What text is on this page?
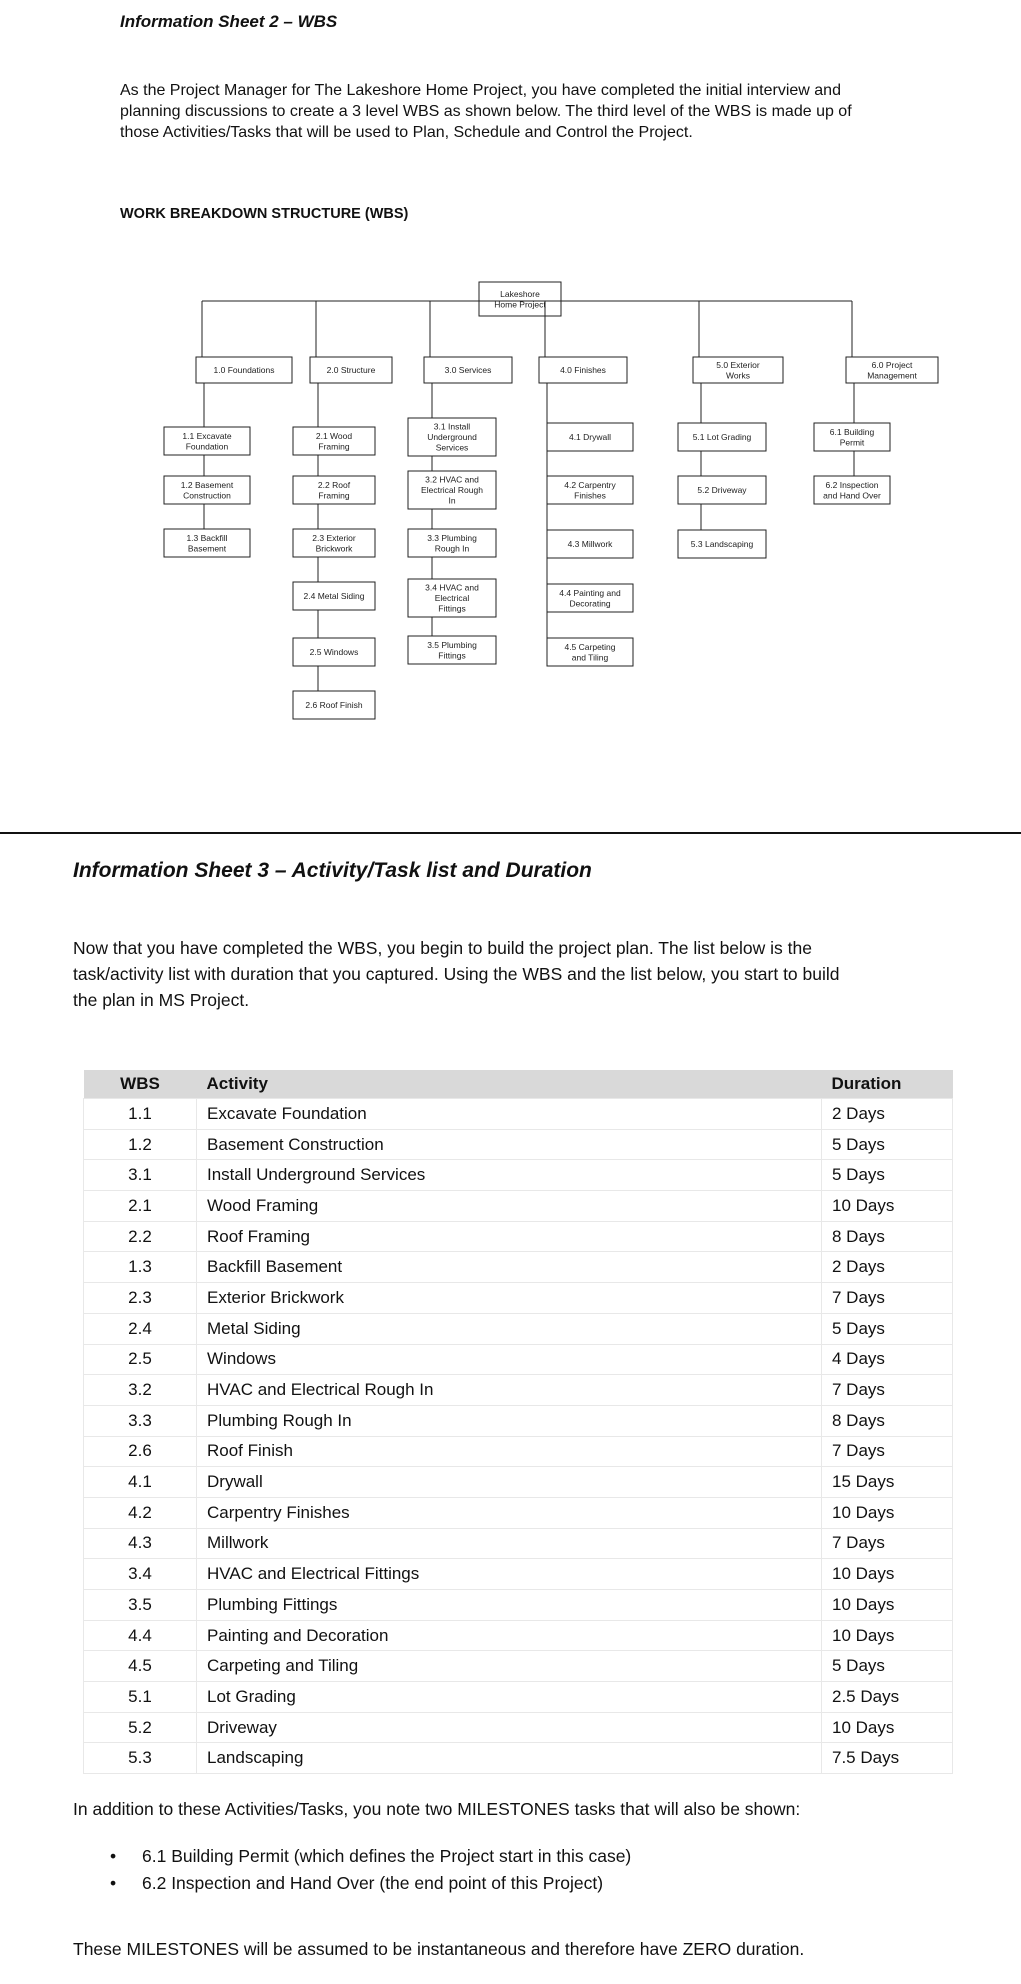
Information Sheet 2 – WBS
As the Project Manager for The Lakeshore Home Project, you have completed the initial interview and
planning discussions to create a 3 level WBS as shown below. The third level of the WBS is made up of
those Activities/Tasks that will be used to Plan, Schedule and Control the Project.
WORK BREAKDOWN STRUCTURE (WBS)
Lakeshore
Home Project
1.0 Foundations
1.1 Excavate
Foundation
1.2 Basement
Construction
1.3 Backfill
Basement
2.0 Structure
2.1 Wood
Framing
2.2 Roof
Framing
2.3 Exterior
Brickwork
2.4 Metal Siding
2.5 Windows
2.6 Roof Finish
3.0 Services
3.1 Install
Underground
Services
3.2 HVAC and
Electrical Rough
In
3.3 Plumbing
Rough In
3.4 HVAC and
Electrical
Fittings
3.5 Plumbing
Fittings
4.0 Finishes
4.1 Drywall
4.2 Carpentry
Finishes
4.3 Millwork
4.4 Painting and
Decorating
4.5 Carpeting
and Tiling
5.0 Exterior
Works
5.1 Lot Grading
5.2 Driveway
5.3 Landscaping
6.0 Project
Management
6.1 Building
Permit
6.2 Inspection
and Hand Over
Information Sheet 3 – Activity/Task list and Duration
Now that you have completed the WBS, you begin to build the project plan. The list below is the
task/activity list with duration that you captured. Using the WBS and the list below, you start to build
the plan in MS Project.
WBS	Activity	Duration
1.1	Excavate Foundation	2 Days
1.2	Basement Construction	5 Days
3.1	Install Underground Services	5 Days
2.1	Wood Framing	10 Days
2.2	Roof Framing	8 Days
1.3	Backfill Basement	2 Days
2.3	Exterior Brickwork	7 Days
2.4	Metal Siding	5 Days
2.5	Windows	4 Days
3.2	HVAC and Electrical Rough In	7 Days
3.3	Plumbing Rough In	8 Days
2.6	Roof Finish	7 Days
4.1	Drywall	15 Days
4.2	Carpentry Finishes	10 Days
4.3	Millwork	7 Days
3.4	HVAC and Electrical Fittings	10 Days
3.5	Plumbing Fittings	10 Days
4.4	Painting and Decoration	10 Days
4.5	Carpeting and Tiling	5 Days
5.1	Lot Grading	2.5 Days
5.2	Driveway	10 Days
5.3	Landscaping	7.5 Days
In addition to these Activities/Tasks, you note two MILESTONES tasks that will also be shown:
• 6.1 Building Permit (which defines the Project start in this case)
• 6.2 Inspection and Hand Over (the end point of this Project)
These MILESTONES will be assumed to be instantaneous and therefore have ZERO duration.
